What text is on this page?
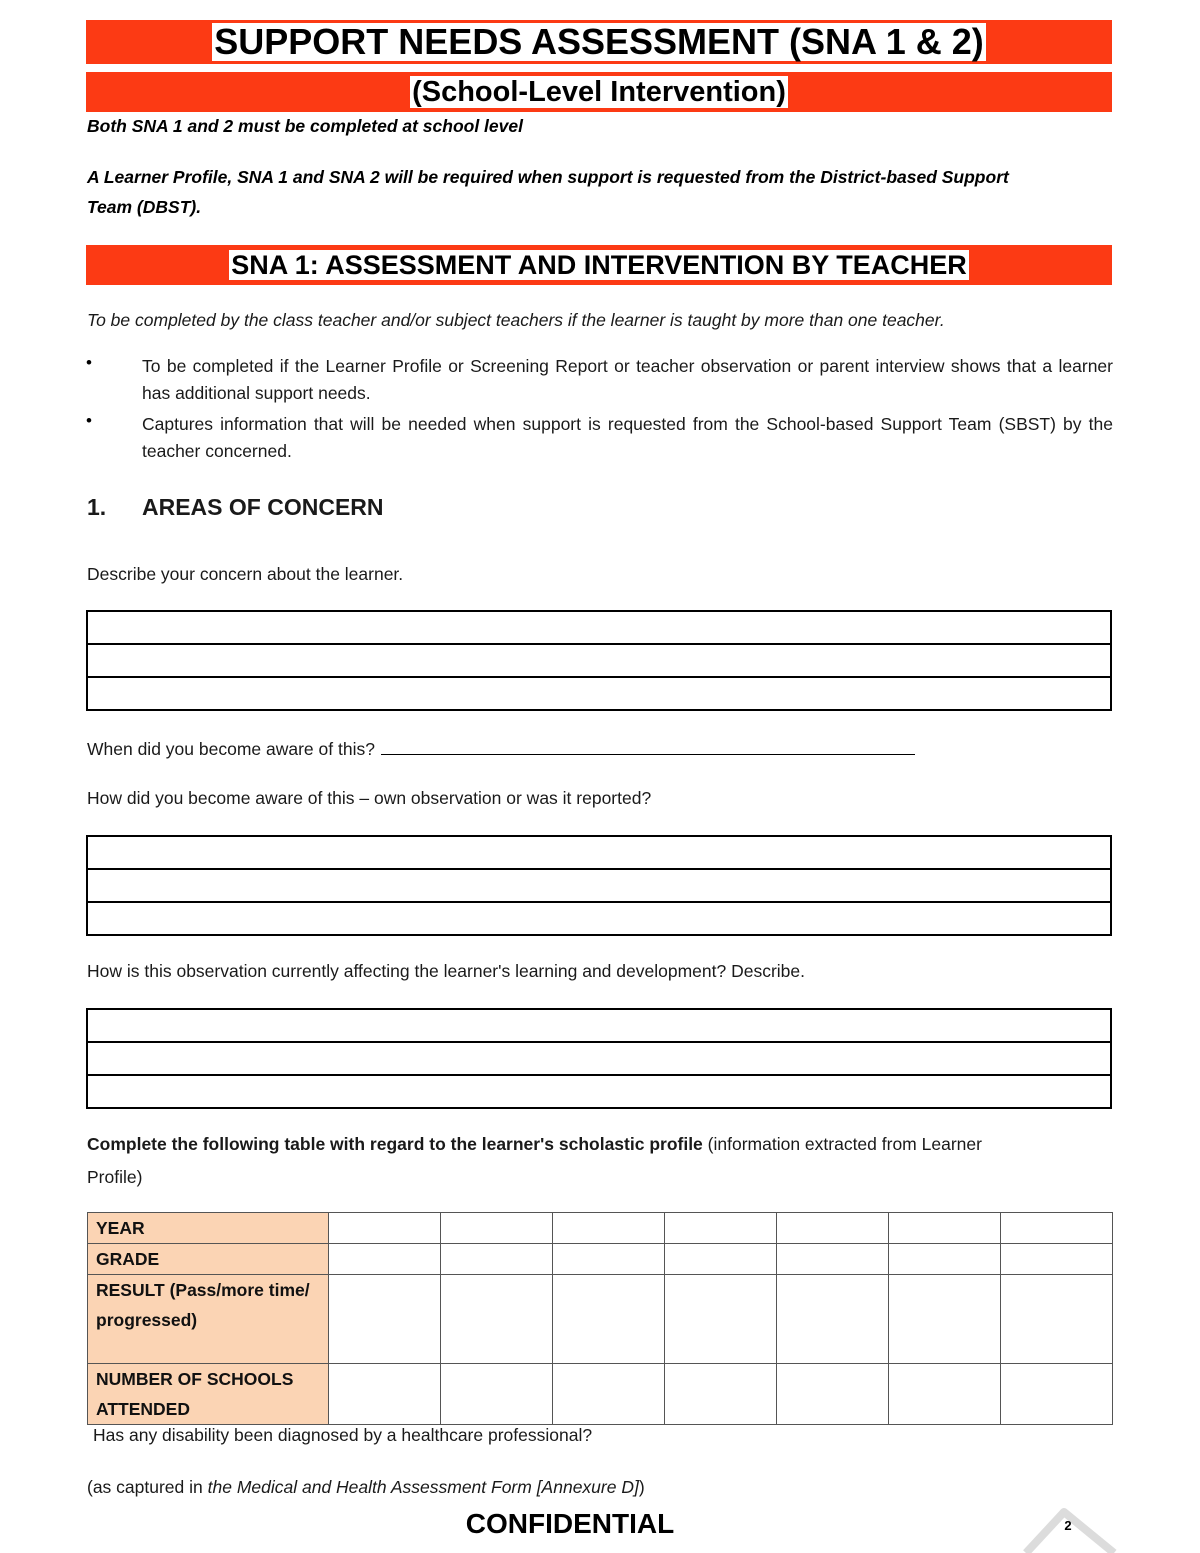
SUPPORT NEEDS ASSESSMENT (SNA 1 & 2)
(School-Level Intervention)
Both SNA 1 and 2 must be completed at school level
A Learner Profile, SNA 1 and SNA 2 will be required when support is requested from the District-based Support
Team (DBST).
SNA 1: ASSESSMENT AND INTERVENTION BY TEACHER
To be completed by the class teacher and/or subject teachers if the learner is taught by more than one teacher.
•	To be completed if the Learner Profile or Screening Report or teacher observation or parent interview shows that a learner has additional support needs.
•	Captures information that will be needed when support is requested from the School-based Support Team (SBST) by the teacher concerned.
1. AREAS OF CONCERN
Describe your concern about the learner.
When did you become aware of this?
How did you become aware of this – own observation or was it reported?
How is this observation currently affecting the learner's learning and development? Describe.
Complete the following table with regard to the learner's scholastic profile (information extracted from Learner
Profile)
YEAR							
GRADE							
RESULT (Pass/more time/ progressed)							
NUMBER OF SCHOOLS ATTENDED							
Has any disability been diagnosed by a healthcare professional?
(as captured in the Medical and Health Assessment Form [Annexure D])
CONFIDENTIAL	2
